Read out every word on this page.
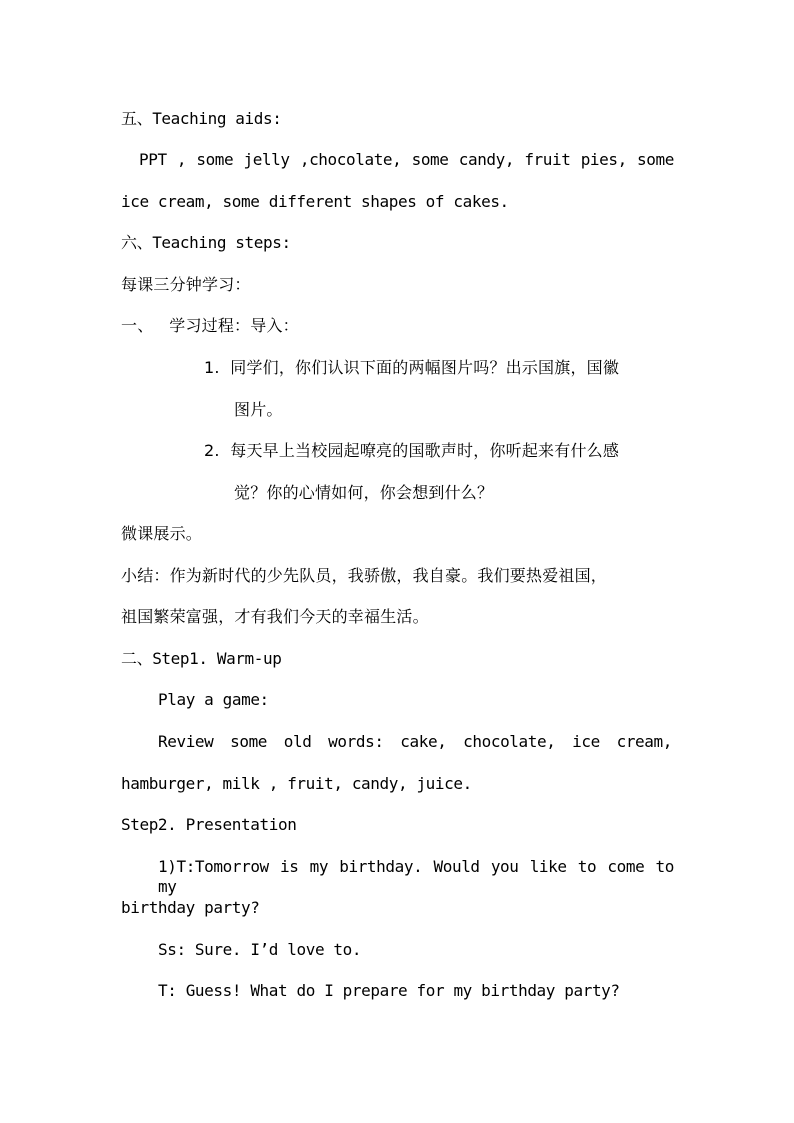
五、Teaching aids:
PPT , some jelly ,chocolate, some candy, fruit pies, some
ice cream, some different shapes of cakes.
六、Teaching steps:
每课三分钟学习：
一、   学习过程：导入：
1.  同学们，你们认识下面的两幅图片吗？出示国旗，国徽
图片。
2.  每天早上当校园起嘹亮的国歌声时，你听起来有什么感
觉？你的心情如何，你会想到什么？
微课展示。
小结：作为新时代的少先队员，我骄傲，我自豪。我们要热爱祖国，
祖国繁荣富强，才有我们今天的幸福生活。
二、Step1. Warm-up
Play a game:
Review some old words: cake, chocolate, ice cream,
hamburger, milk , fruit, candy, juice.
Step2. Presentation
1)T:Tomorrow is my birthday. Would you like to come to my
birthday party?
Ss: Sure. I’d love to.
T: Guess! What do I prepare for my birthday party?
